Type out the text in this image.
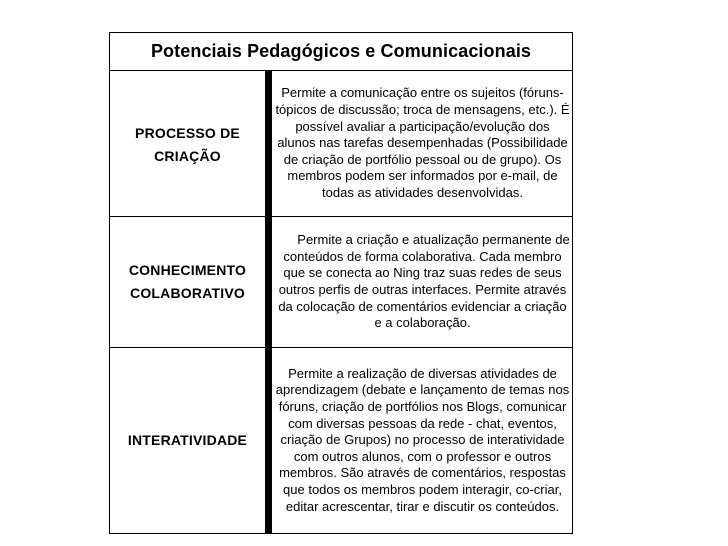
Potenciais Pedagógicos e Comunicacionais
PROCESSO DE CRIAÇÃO
Permite a comunicação entre os sujeitos (fóruns-tópicos de discussão; troca de mensagens, etc.). É possível avaliar a participação/evolução dos alunos nas tarefas desempenhadas (Possibilidade de criação de portfólio pessoal ou de grupo). Os membros podem ser informados por e-mail, de todas as atividades desenvolvidas.
CONHECIMENTO COLABORATIVO
Permite a criação e atualização permanente de conteúdos de forma colaborativa. Cada membro que se conecta ao Ning traz suas redes de seus outros perfis de outras interfaces. Permite através da colocação de comentários evidenciar a criação e a colaboração.
INTERATIVIDADE
Permite a realização de diversas atividades de aprendizagem (debate e lançamento de temas nos fóruns, criação de portfólios nos Blogs, comunicar com diversas pessoas da rede - chat, eventos, criação de Grupos) no processo de interatividade com outros alunos, com o professor e outros membros. São através de comentários, respostas que todos os membros podem interagir, co-criar, editar acrescentar, tirar e discutir os conteúdos.
